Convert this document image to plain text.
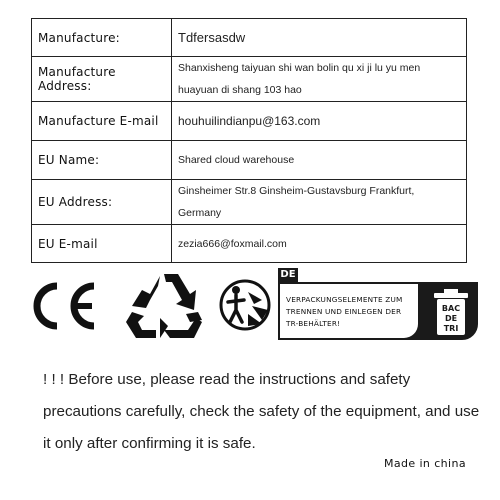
Manufacture:	Tdfersasdw
Manufacture Address:	Shanxisheng taiyuan shi wan bolin qu xi ji lu yu men huayuan di shang 103 hao
Manufacture E-mail	houhuilindianpu@163.com
EU Name:	Shared cloud warehouse
EU Address:	Ginsheimer Str.8 Ginsheim-Gustavsburg Frankfurt, Germany
EU E-mail	zezia666@foxmail.com
DE
VERPACKUNGSELEMENTE ZUM TRENNEN UND EINLEGEN DER TR-BEHÄLTER!
BAC
DE
TRI
! ! ! Before use, please read the instructions and safety precautions carefully, check the safety of the equipment, and use it only after confirming it is safe.
Made in china
